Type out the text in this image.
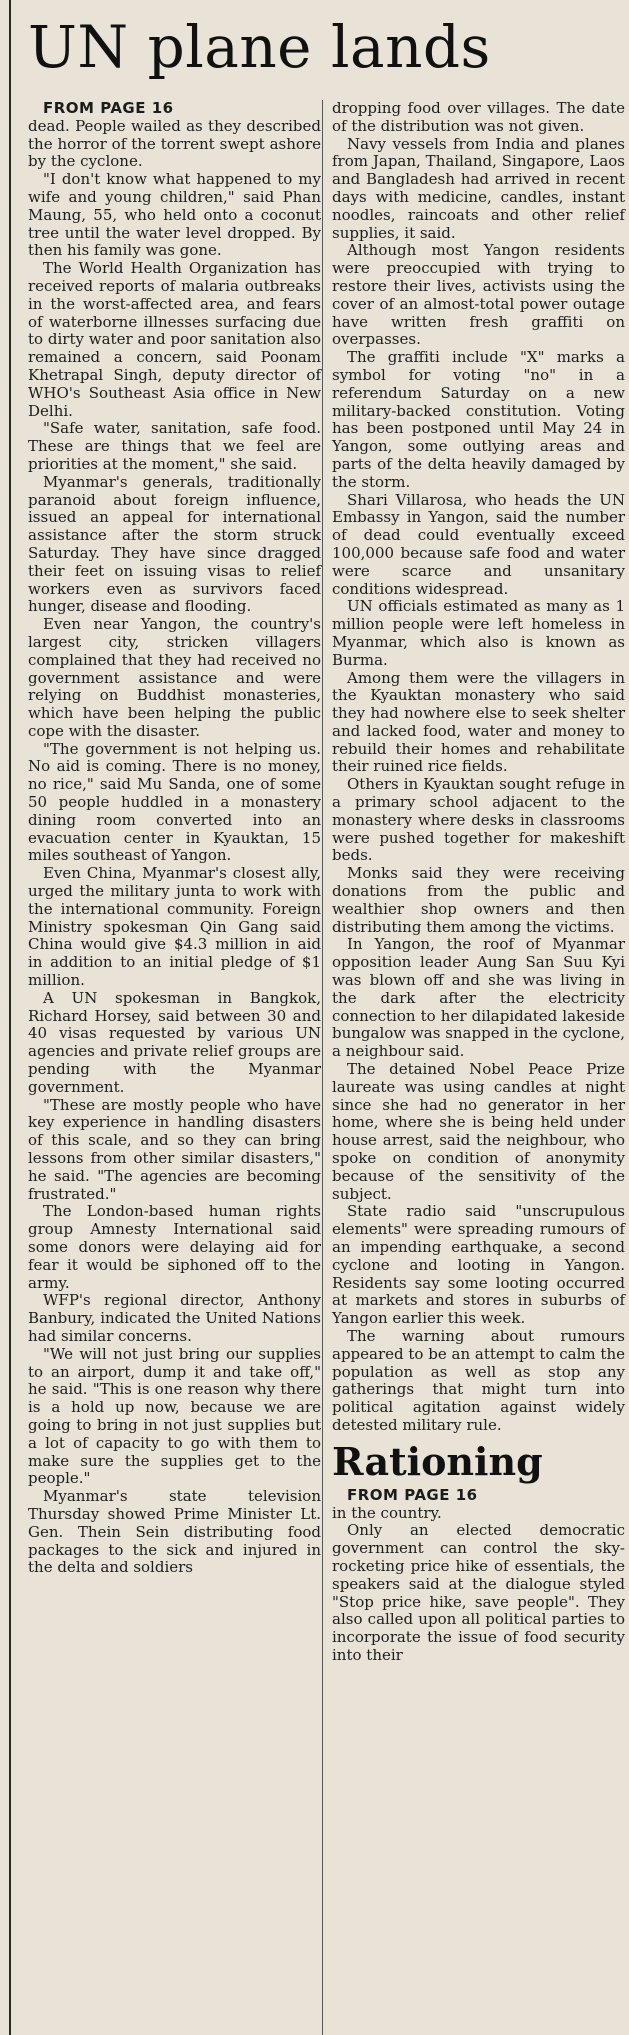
UN plane lands

FROM PAGE 16

dead. People wailed as they described the horror of the torrent swept ashore by the cyclone.

"I don't know what happened to my wife and young children," said Phan Maung, 55, who held onto a coconut tree until the water level dropped. By then his family was gone.

The World Health Organization has received reports of malaria outbreaks in the worst-affected area, and fears of waterborne illnesses surfacing due to dirty water and poor sanitation also remained a concern, said Poonam Khetrapal Singh, deputy director of WHO's Southeast Asia office in New Delhi.

"Safe water, sanitation, safe food. These are things that we feel are priorities at the moment," she said.

Myanmar's generals, traditionally paranoid about foreign influence, issued an appeal for international assistance after the storm struck Saturday. They have since dragged their feet on issuing visas to relief workers even as survivors faced hunger, disease and flooding.

Even near Yangon, the country's largest city, stricken villagers complained that they had received no government assistance and were relying on Buddhist monasteries, which have been helping the public cope with the disaster.

"The government is not helping us. No aid is coming. There is no money, no rice," said Mu Sanda, one of some 50 people huddled in a monastery dining room converted into an evacuation center in Kyauktan, 15 miles southeast of Yangon.

Even China, Myanmar's closest ally, urged the military junta to work with the international community. Foreign Ministry spokesman Qin Gang said China would give $4.3 million in aid in addition to an initial pledge of $1 million.

A UN spokesman in Bangkok, Richard Horsey, said between 30 and 40 visas requested by various UN agencies and private relief groups are pending with the Myanmar government.

"These are mostly people who have key experience in handling disasters of this scale, and so they can bring lessons from other similar disasters," he said. "The agencies are becoming frustrated."

The London-based human rights group Amnesty International said some donors were delaying aid for fear it would be siphoned off to the army.

WFP's regional director, Anthony Banbury, indicated the United Nations had similar concerns.

"We will not just bring our supplies to an airport, dump it and take off," he said. "This is one reason why there is a hold up now, because we are going to bring in not just supplies but a lot of capacity to go with them to make sure the supplies get to the people."

Myanmar's state television Thursday showed Prime Minister Lt. Gen. Thein Sein distributing food packages to the sick and injured in the delta and soldiers

dropping food over villages. The date of the distribution was not given.

Navy vessels from India and planes from Japan, Thailand, Singapore, Laos and Bangladesh had arrived in recent days with medicine, candles, instant noodles, raincoats and other relief supplies, it said.

Although most Yangon residents were preoccupied with trying to restore their lives, activists using the cover of an almost-total power outage have written fresh graffiti on overpasses.

The graffiti include "X" marks a symbol for voting "no" in a referendum Saturday on a new military-backed constitution. Voting has been postponed until May 24 in Yangon, some outlying areas and parts of the delta heavily damaged by the storm.

Shari Villarosa, who heads the UN Embassy in Yangon, said the number of dead could eventually exceed 100,000 because safe food and water were scarce and unsanitary conditions widespread.

UN officials estimated as many as 1 million people were left homeless in Myanmar, which also is known as Burma.

Among them were the villagers in the Kyauktan monastery who said they had nowhere else to seek shelter and lacked food, water and money to rebuild their homes and rehabilitate their ruined rice fields.

Others in Kyauktan sought refuge in a primary school adjacent to the monastery where desks in classrooms were pushed together for makeshift beds.

Monks said they were receiving donations from the public and wealthier shop owners and then distributing them among the victims.

In Yangon, the roof of Myanmar opposition leader Aung San Suu Kyi was blown off and she was living in the dark after the electricity connection to her dilapidated lakeside bungalow was snapped in the cyclone, a neighbour said.

The detained Nobel Peace Prize laureate was using candles at night since she had no generator in her home, where she is being held under house arrest, said the neighbour, who spoke on condition of anonymity because of the sensitivity of the subject.

State radio said "unscrupulous elements" were spreading rumours of an impending earthquake, a second cyclone and looting in Yangon. Residents say some looting occurred at markets and stores in suburbs of Yangon earlier this week.

The warning about rumours appeared to be an attempt to calm the population as well as stop any gatherings that might turn into political agitation against widely detested military rule.

Rationing

FROM PAGE 16

in the country.

Only an elected democratic government can control the sky-rocketing price hike of essentials, the speakers said at the dialogue styled "Stop price hike, save people". They also called upon all political parties to incorporate the issue of food security into their
